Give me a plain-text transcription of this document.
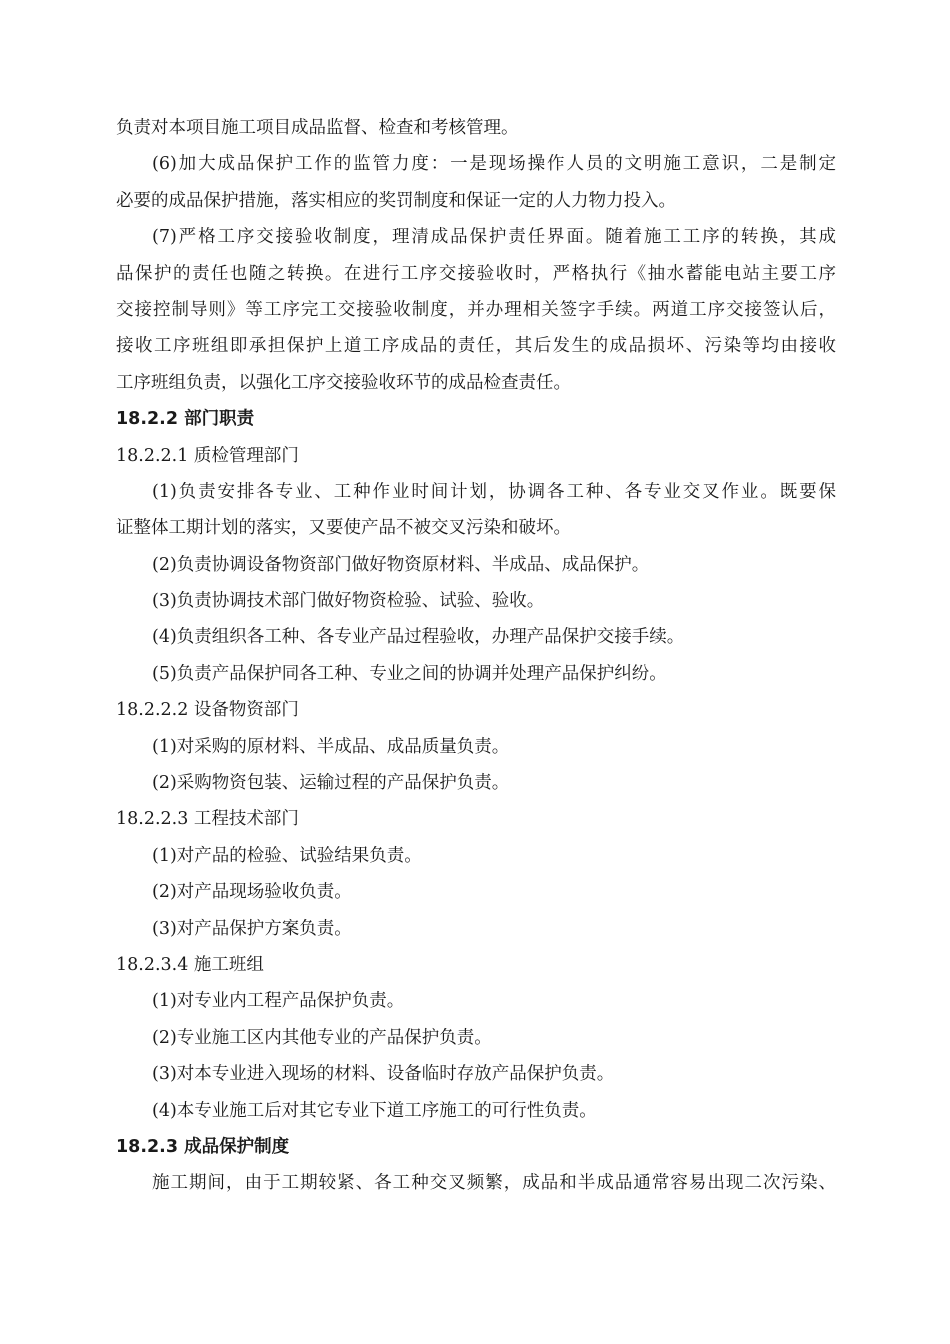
负责对本项目施工项目成品监督、检查和考核管理。
(6)加大成品保护工作的监管力度：一是现场操作人员的文明施工意识，二是制定
必要的成品保护措施，落实相应的奖罚制度和保证一定的人力物力投入。
(7)严格工序交接验收制度，理清成品保护责任界面。随着施工工序的转换，其成
品保护的责任也随之转换。在进行工序交接验收时，严格执行《抽水蓄能电站主要工序
交接控制导则》等工序完工交接验收制度，并办理相关签字手续。两道工序交接签认后，
接收工序班组即承担保护上道工序成品的责任，其后发生的成品损坏、污染等均由接收
工序班组负责，以强化工序交接验收环节的成品检查责任。
18.2.2 部门职责
18.2.2.1 质检管理部门
(1)负责安排各专业、工种作业时间计划，协调各工种、各专业交叉作业。既要保
证整体工期计划的落实，又要使产品不被交叉污染和破坏。
(2)负责协调设备物资部门做好物资原材料、半成品、成品保护。
(3)负责协调技术部门做好物资检验、试验、验收。
(4)负责组织各工种、各专业产品过程验收，办理产品保护交接手续。
(5)负责产品保护同各工种、专业之间的协调并处理产品保护纠纷。
18.2.2.2 设备物资部门
(1)对采购的原材料、半成品、成品质量负责。
(2)采购物资包装、运输过程的产品保护负责。
18.2.2.3 工程技术部门
(1)对产品的检验、试验结果负责。
(2)对产品现场验收负责。
(3)对产品保护方案负责。
18.2.3.4 施工班组
(1)对专业内工程产品保护负责。
(2)专业施工区内其他专业的产品保护负责。
(3)对本专业进入现场的材料、设备临时存放产品保护负责。
(4)本专业施工后对其它专业下道工序施工的可行性负责。
18.2.3 成品保护制度
施工期间，由于工期较紧、各工种交叉频繁，成品和半成品通常容易出现二次污染、
